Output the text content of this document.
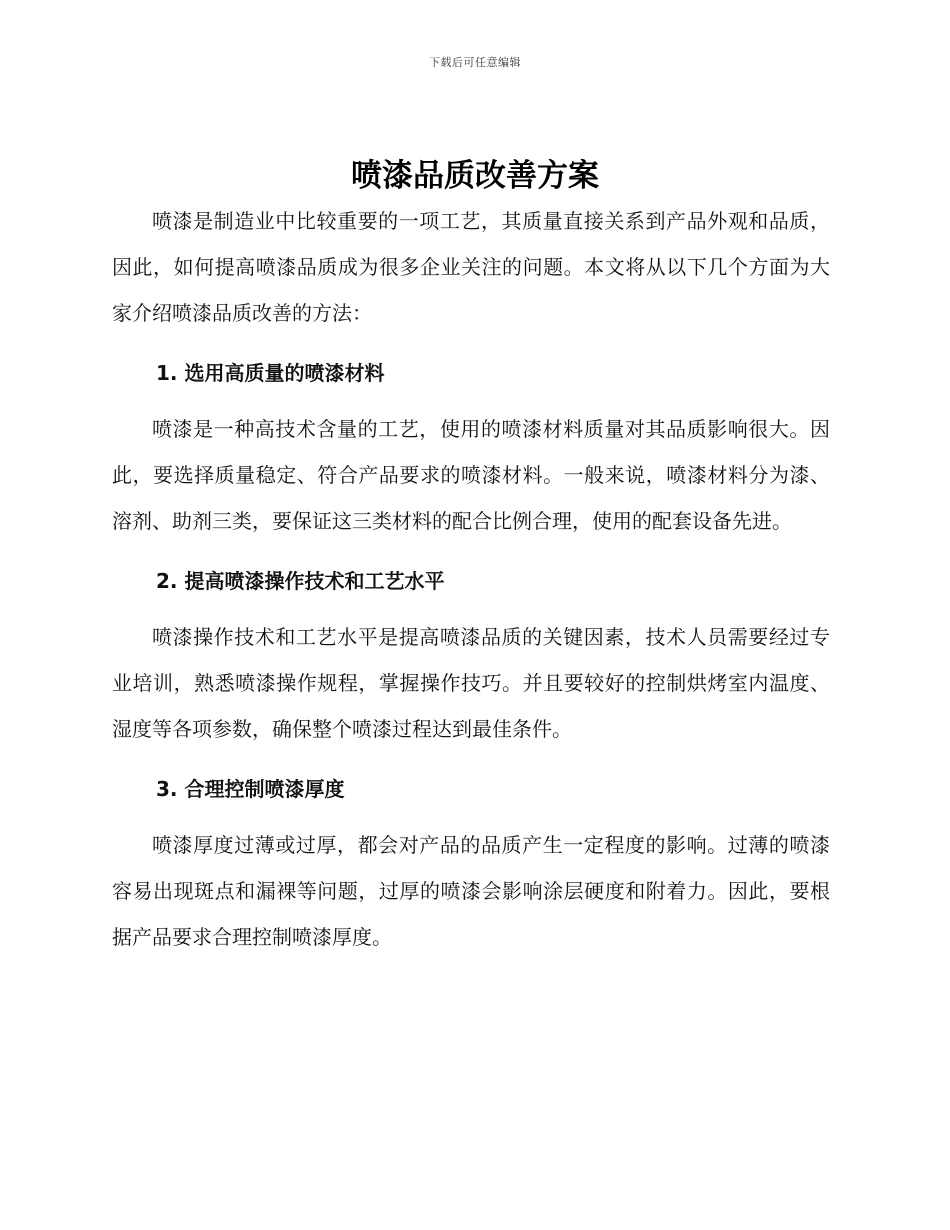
下载后可任意编辑
喷漆品质改善方案

喷漆是制造业中比较重要的一项工艺，其质量直接关系到产品外观和品质，因此，如何提高喷漆品质成为很多企业关注的问题。本文将从以下几个方面为大家介绍喷漆品质改善的方法：

1. 选用高质量的喷漆材料

喷漆是一种高技术含量的工艺，使用的喷漆材料质量对其品质影响很大。因此，要选择质量稳定、符合产品要求的喷漆材料。一般来说，喷漆材料分为漆、溶剂、助剂三类，要保证这三类材料的配合比例合理，使用的配套设备先进。

2. 提高喷漆操作技术和工艺水平

喷漆操作技术和工艺水平是提高喷漆品质的关键因素，技术人员需要经过专业培训，熟悉喷漆操作规程，掌握操作技巧。并且要较好的控制烘烤室内温度、湿度等各项参数，确保整个喷漆过程达到最佳条件。

3. 合理控制喷漆厚度

喷漆厚度过薄或过厚，都会对产品的品质产生一定程度的影响。过薄的喷漆容易出现斑点和漏裸等问题，过厚的喷漆会影响涂层硬度和附着力。因此，要根据产品要求合理控制喷漆厚度。
